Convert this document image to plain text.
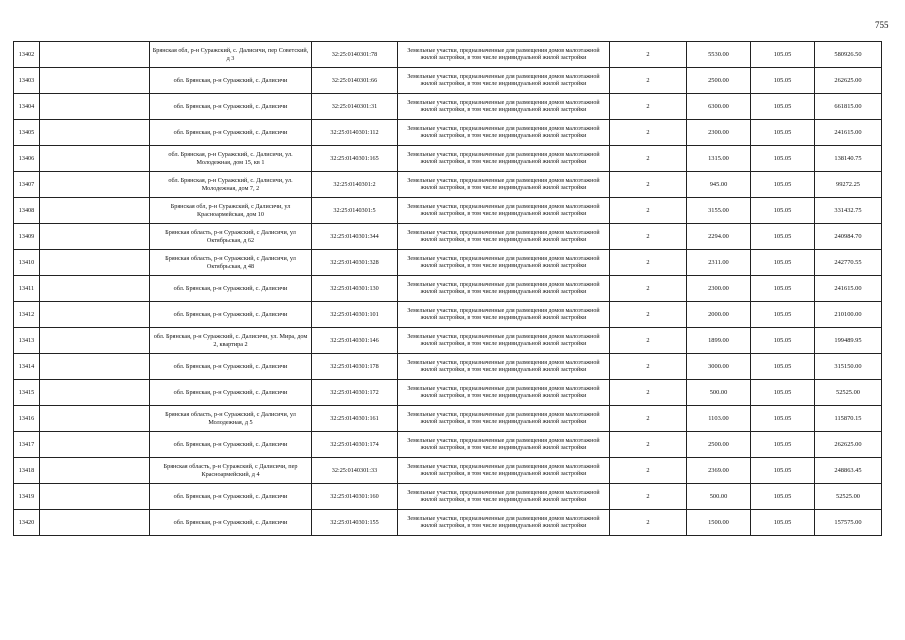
755
13402		Брянская обл, р-н Суражский, с. Далисичи, пер Советский, д 3	32:25:0140301:78	Земельные участки, предназначенные для размещения домов малоэтажной жилой застройки, в том числе индивидуальной жилой застройки	2	5530.00	105.05	580926.50
13403		обл. Брянская, р-н Суражский, с. Далисичи	32:25:0140301:66	Земельные участки, предназначенные для размещения домов малоэтажной жилой застройки, в том числе индивидуальной жилой застройки	2	2500.00	105.05	262625.00
13404		обл. Брянская, р-н Суражский, с. Далисичи	32:25:0140301:31	Земельные участки, предназначенные для размещения домов малоэтажной жилой застройки, в том числе индивидуальной жилой застройки	2	6300.00	105.05	661815.00
13405		обл. Брянская, р-н Суражский, с. Далисичи	32:25:0140301:112	Земельные участки, предназначенные для размещения домов малоэтажной жилой застройки, в том числе индивидуальной жилой застройки	2	2300.00	105.05	241615.00
13406		обл. Брянская, р-н Суражский, с. Далисичи, ул. Молодежная, дом 15, кв 1	32:25:0140301:165	Земельные участки, предназначенные для размещения домов малоэтажной жилой застройки, в том числе индивидуальной жилой застройки	2	1315.00	105.05	138140.75
13407		обл. Брянская, р-н Суражский, с. Далисичи, ул. Молодежная, дом 7, 2	32:25:0140301:2	Земельные участки, предназначенные для размещения домов малоэтажной жилой застройки, в том числе индивидуальной жилой застройки	2	945.00	105.05	99272.25
13408		Брянская обл, р-н Суражский, с Далисичи, ул Красноармейская, дом 10	32:25:0140301:5	Земельные участки, предназначенные для размещения домов малоэтажной жилой застройки, в том числе индивидуальной жилой застройки	2	3155.00	105.05	331432.75
13409		Брянская область, р-н Суражский, с Далисичи, ул Октябрьская, д 62	32:25:0140301:344	Земельные участки, предназначенные для размещения домов малоэтажной жилой застройки, в том числе индивидуальной жилой застройки	2	2294.00	105.05	240984.70
13410		Брянская область, р-н Суражский, с Далисичи, ул Октябрьская, д 48	32:25:0140301:328	Земельные участки, предназначенные для размещения домов малоэтажной жилой застройки, в том числе индивидуальной жилой застройки	2	2311.00	105.05	242770.55
13411		обл. Брянская, р-н Суражский, с. Далисичи	32:25:0140301:130	Земельные участки, предназначенные для размещения домов малоэтажной жилой застройки, в том числе индивидуальной жилой застройки	2	2300.00	105.05	241615.00
13412		обл. Брянская, р-н Суражский, с. Далисичи	32:25:0140301:101	Земельные участки, предназначенные для размещения домов малоэтажной жилой застройки, в том числе индивидуальной жилой застройки	2	2000.00	105.05	210100.00
13413		обл. Брянская, р-н Суражский, с. Далисичи, ул. Мира, дом 2, квартира 2	32:25:0140301:146	Земельные участки, предназначенные для размещения домов малоэтажной жилой застройки, в том числе индивидуальной жилой застройки	2	1899.00	105.05	199489.95
13414		обл. Брянская, р-н Суражский, с. Далисичи	32:25:0140301:178	Земельные участки, предназначенные для размещения домов малоэтажной жилой застройки, в том числе индивидуальной жилой застройки	2	3000.00	105.05	315150.00
13415		обл. Брянская, р-н Суражский, с. Далисичи	32:25:0140301:172	Земельные участки, предназначенные для размещения домов малоэтажной жилой застройки, в том числе индивидуальной жилой застройки	2	500.00	105.05	52525.00
13416		Брянская область, р-н Суражский, с Далисичи, ул Молодежная, д 5	32:25:0140301:161	Земельные участки, предназначенные для размещения домов малоэтажной жилой застройки, в том числе индивидуальной жилой застройки	2	1103.00	105.05	115870.15
13417		обл. Брянская, р-н Суражский, с. Далисичи	32:25:0140301:174	Земельные участки, предназначенные для размещения домов малоэтажной жилой застройки, в том числе индивидуальной жилой застройки	2	2500.00	105.05	262625.00
13418		Брянская область, р-н Суражский, с Далисичи, пер Красноармейский, д 4	32:25:0140301:33	Земельные участки, предназначенные для размещения домов малоэтажной жилой застройки, в том числе индивидуальной жилой застройки	2	2369.00	105.05	248863.45
13419		обл. Брянская, р-н Суражский, с. Далисичи	32:25:0140301:160	Земельные участки, предназначенные для размещения домов малоэтажной жилой застройки, в том числе индивидуальной жилой застройки	2	500.00	105.05	52525.00
13420		обл. Брянская, р-н Суражский, с. Далисичи	32:25:0140301:155	Земельные участки, предназначенные для размещения домов малоэтажной жилой застройки, в том числе индивидуальной жилой застройки	2	1500.00	105.05	157575.00
